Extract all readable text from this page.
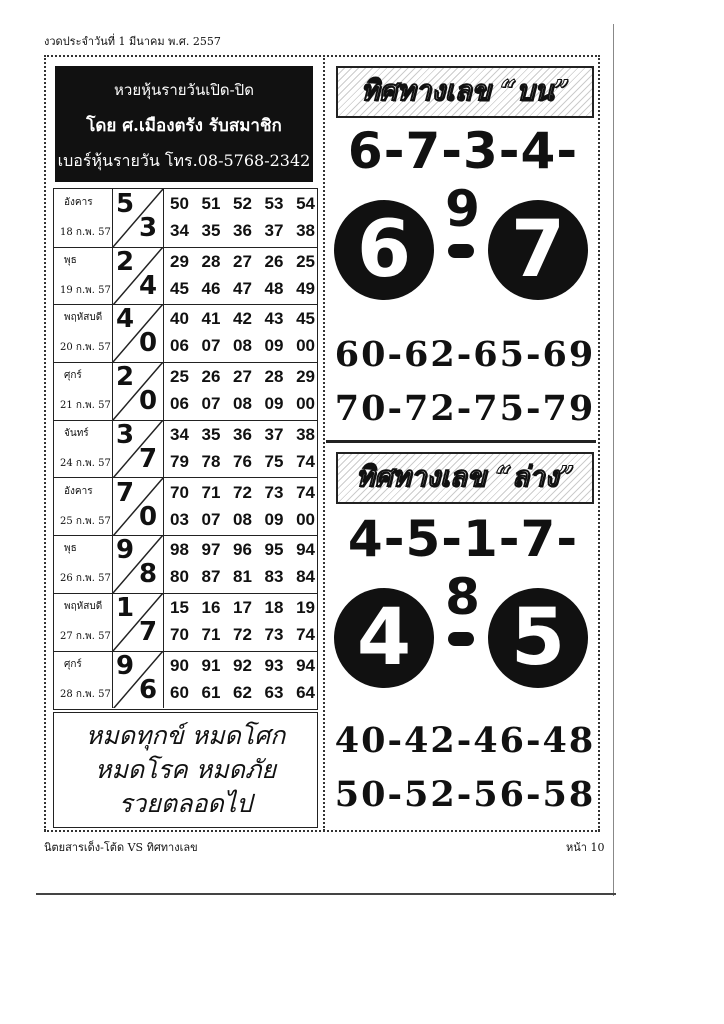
งวดประจำวันที่ 1 มีนาคม พ.ศ. 2557
หวยหุ้นรายวันเปิด-ปิด
โดย ศ.เมืองตรัง รับสมาชิก
เบอร์หุ้นรายวัน โทร.08-5768-2342
อังคาร
18 ก.พ. 57
5
3
50 51 52 53 54
34 35 36 37 38
พุธ
19 ก.พ. 57
2
4
29 28 27 26 25
45 46 47 48 49
พฤหัสบดี
20 ก.พ. 57
4
0
40 41 42 43 45
06 07 08 09 00
ศุกร์
21 ก.พ. 57
2
0
25 26 27 28 29
06 07 08 09 00
จันทร์
24 ก.พ. 57
3
7
34 35 36 37 38
79 78 76 75 74
อังคาร
25 ก.พ. 57
7
0
70 71 72 73 74
03 07 08 09 00
พุธ
26 ก.พ. 57
9
8
98 97 96 95 94
80 87 81 83 84
พฤหัสบดี
27 ก.พ. 57
1
7
15 16 17 18 19
70 71 72 73 74
ศุกร์
28 ก.พ. 57
9
6
90 91 92 93 94
60 61 62 63 64
หมดทุกข์ หมดโศก
หมดโรค หมดภัย
รวยตลอดไป
ทิศทางเลข “บน”
6-7-3-4-9
6 7
60-62-65-69
70-72-75-79
ทิศทางเลข “ล่าง”
4-5-1-7-8
4 5
40-42-46-48
50-52-56-58
นิตยสารเด็ง-โต้ด VS ทิศทางเลข	หน้า 10
